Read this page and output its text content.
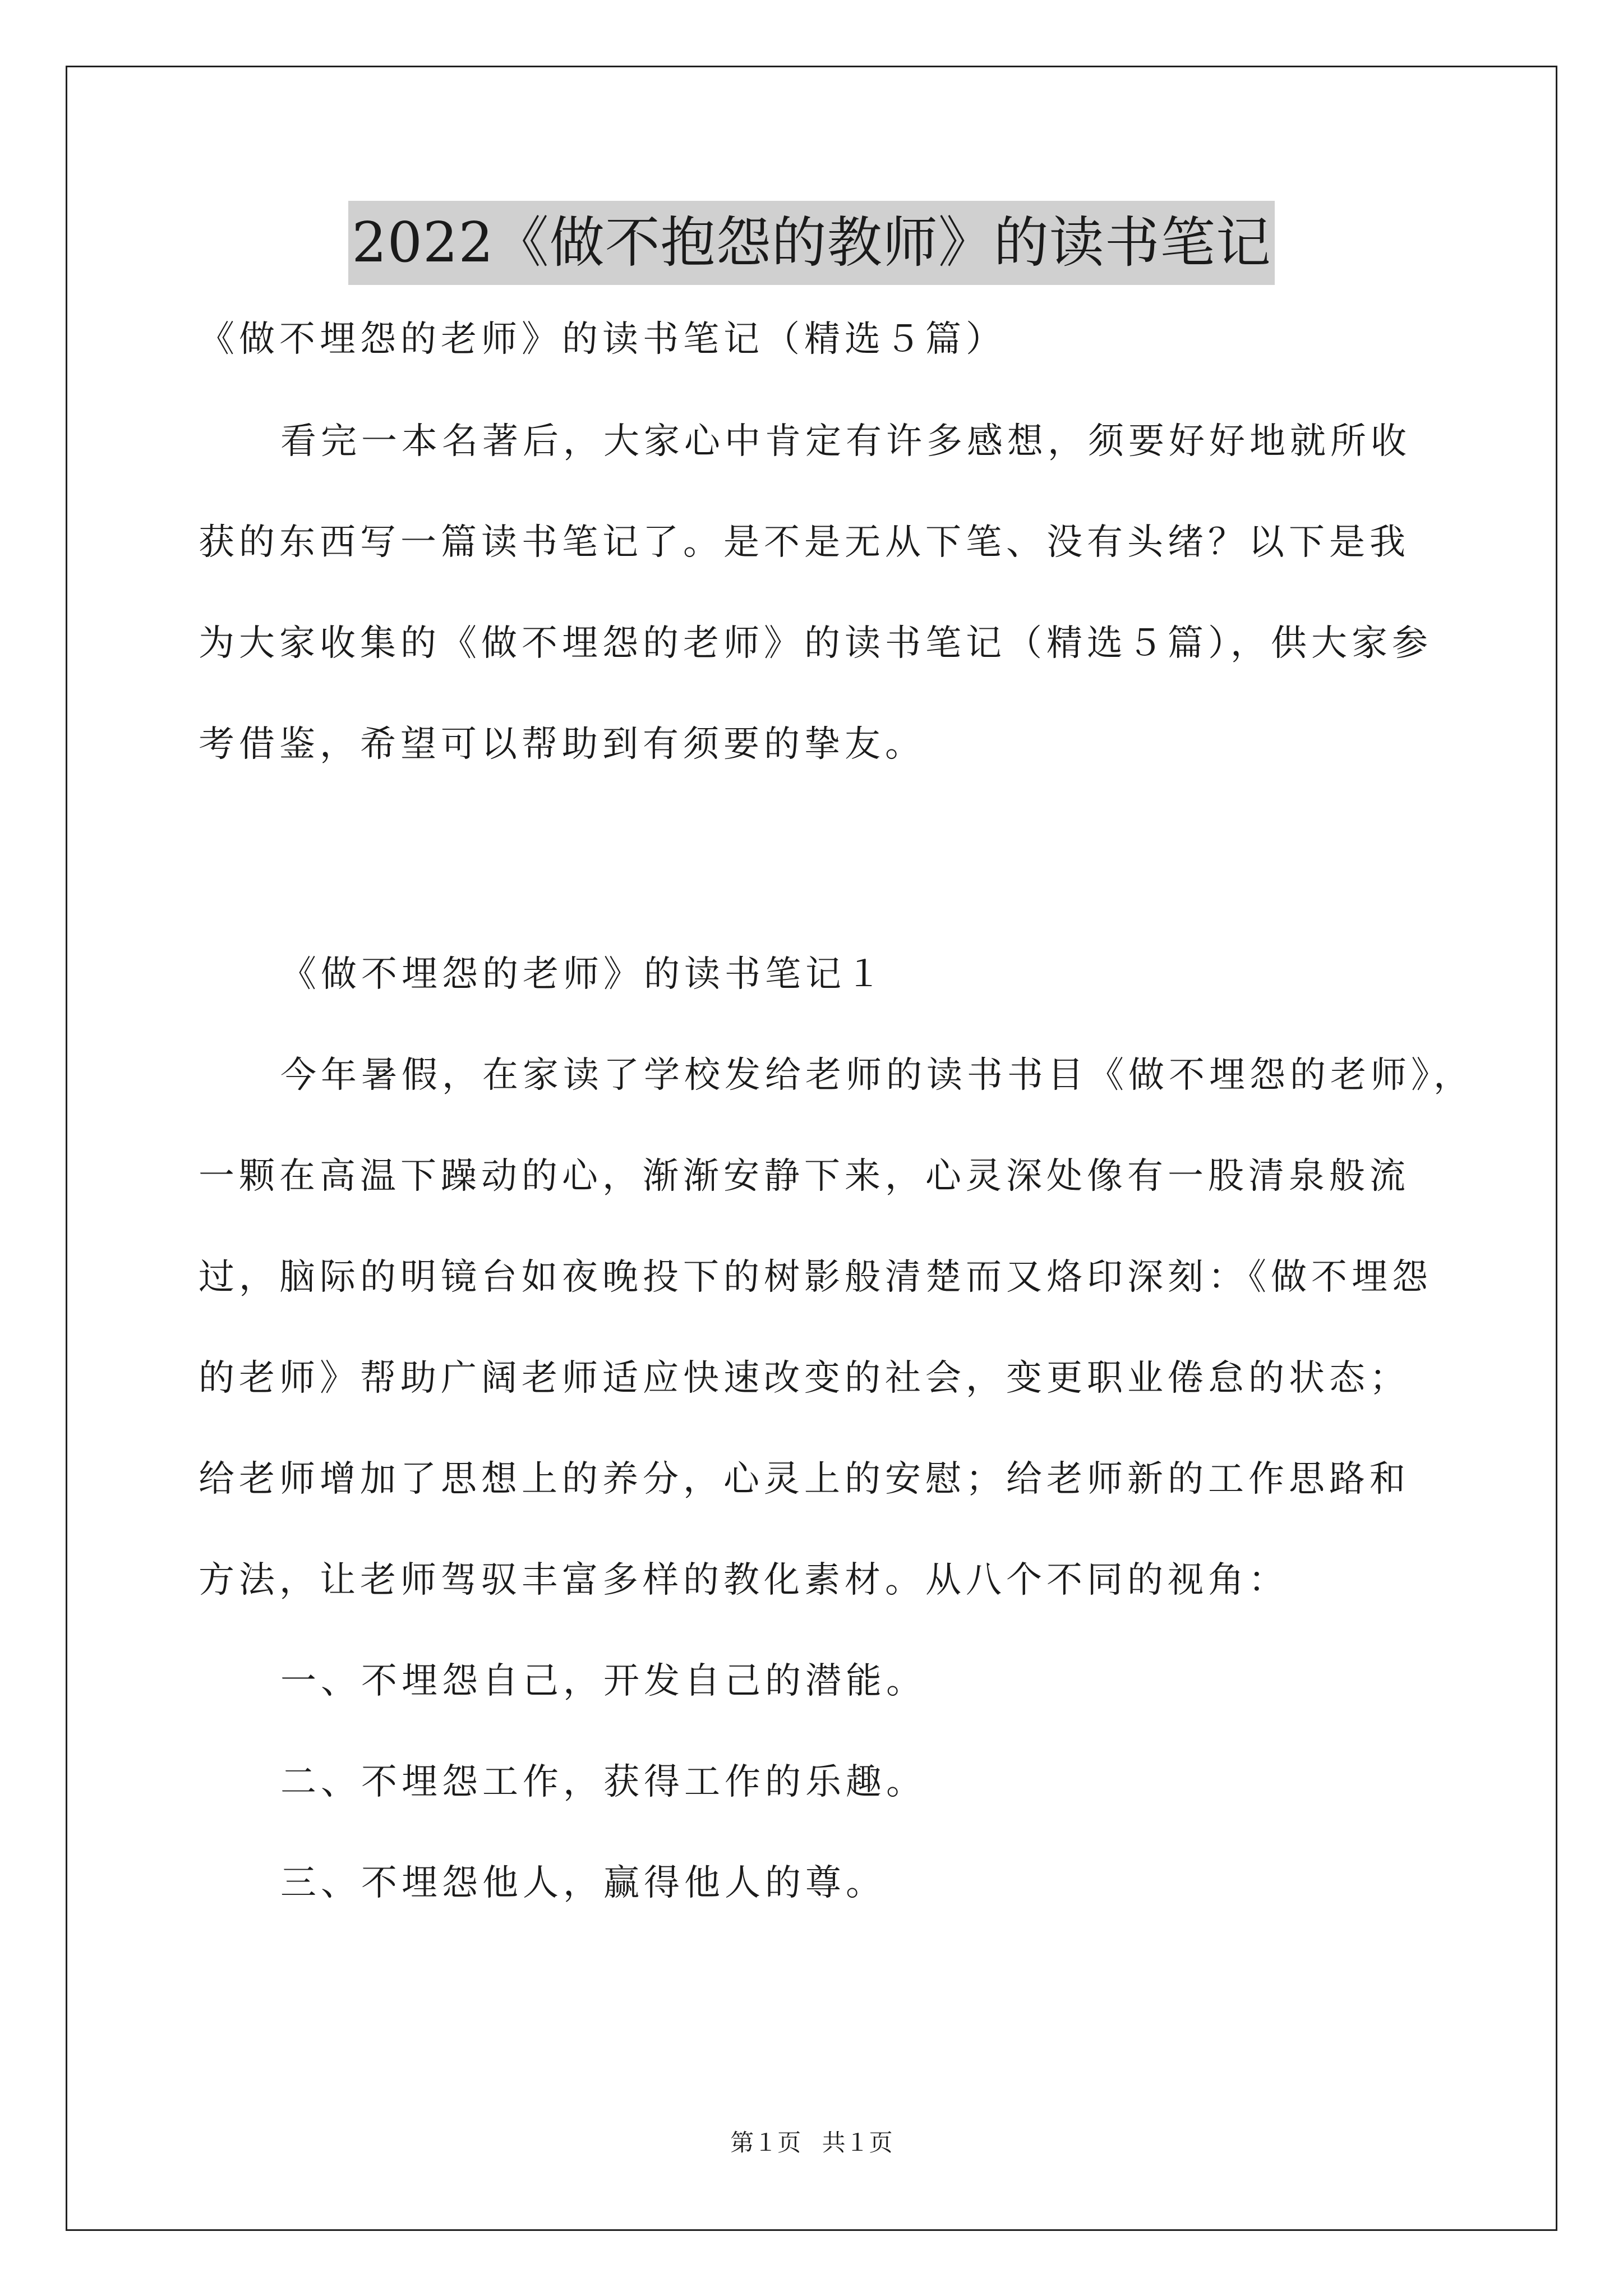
2022《做不抱怨的教师》的读书笔记
《做不埋怨的老师》的读书笔记（精选５篇）
看完一本名著后，大家心中肯定有许多感想，须要好好地就所收
获的东西写一篇读书笔记了。是不是无从下笔、没有头绪？以下是我
为大家收集的《做不埋怨的老师》的读书笔记（精选５篇），供大家参
考借鉴，希望可以帮助到有须要的挚友。
《做不埋怨的老师》的读书笔记１
今年暑假，在家读了学校发给老师的读书书目《做不埋怨的老师》，
一颗在高温下躁动的心，渐渐安静下来，心灵深处像有一股清泉般流
过，脑际的明镜台如夜晚投下的树影般清楚而又烙印深刻：《做不埋怨
的老师》帮助广阔老师适应快速改变的社会，变更职业倦怠的状态；
给老师增加了思想上的养分，心灵上的安慰；给老师新的工作思路和
方法，让老师驾驭丰富多样的教化素材。从八个不同的视角：
一、不埋怨自己，开发自己的潜能。
二、不埋怨工作，获得工作的乐趣。
三、不埋怨他人，赢得他人的尊。
第１页 共１页
